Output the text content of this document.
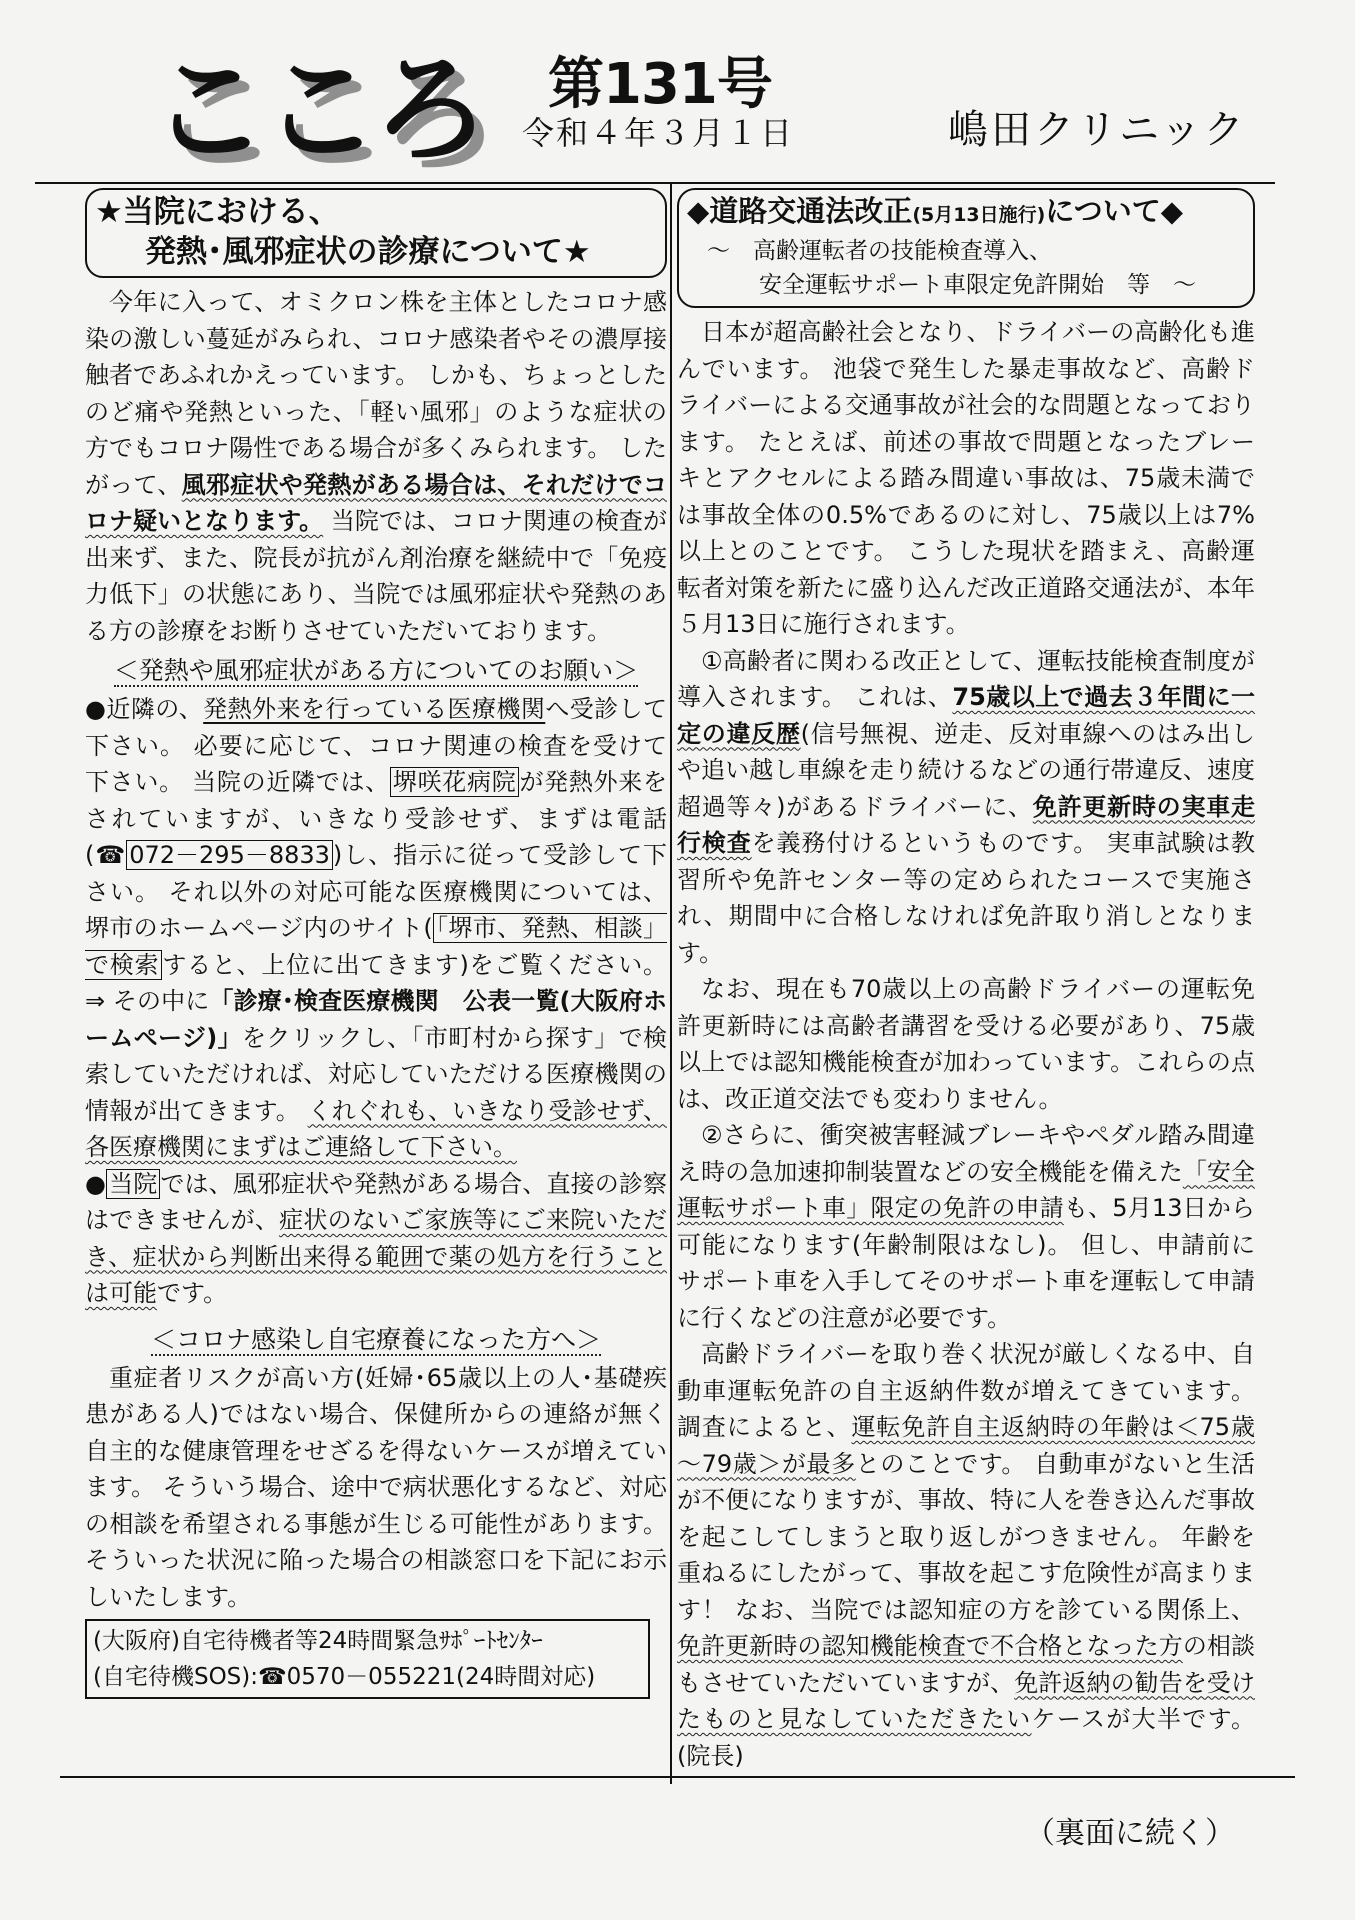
こ
こ
ろ 第131号
令和４年３月１日	嶋田クリニック
★当院における、
発熱･風邪症状の診療について★

今年に入って、オミクロン株を主体としたコロナ感染の激しい蔓延がみられ、コロナ感染者やその濃厚接触者であふれかえっています。 しかも、ちょっとしたのど痛や発熱といった、「軽い風邪」のような症状の方でもコロナ陽性である場合が多くみられます。 したがって、風邪症状や発熱がある場合は、それだけでコロナ疑いとなります。 当院では、コロナ関連の検査が出来ず、また、院長が抗がん剤治療を継続中で「免疫力低下」の状態にあり、当院では風邪症状や発熱のある方の診療をお断りさせていただいております。

＜発熱や風邪症状がある方についてのお願い＞

●近隣の、発熱外来を行っている医療機関へ受診して下さい。 必要に応じて、コロナ関連の検査を受けて下さい。 当院の近隣では、 堺咲花病院 が発熱外来をされていますが、いきなり受診せず、まずは電話(☎ 072－295－8833 )し、指示に従って受診して下さい。 それ以外の対応可能な医療機関については、堺市のホームページ内のサイト( 「堺市、発熱、相談」で検索 すると、上位に出てきます)をご覧ください。 ⇒ その中に「診療･検査医療機関　公表一覧(大阪府ホームページ)」をクリックし、「市町村から探す」で検索していただければ、対応していただける医療機関の情報が出てきます。 くれぐれも、いきなり受診せず、各医療機関にまずはご連絡して下さい。

● 当院 では、風邪症状や発熱がある場合、直接の診察はできませんが、症状のないご家族等にご来院いただき、症状から判断出来得る範囲で薬の処方を行うことは可能です。

＜コロナ感染し自宅療養になった方へ＞

重症者リスクが高い方(妊婦･65歳以上の人･基礎疾患がある人)ではない場合、保健所からの連絡が無く自主的な健康管理をせざるを得ないケースが増えています。 そういう場合、途中で病状悪化するなど、対応の相談を希望される事態が生じる可能性があります。 そういった状況に陥った場合の相談窓口を下記にお示しいたします。

(大阪府)自宅待機者等24時間緊急ｻﾎﾟｰﾄｾﾝﾀｰ
(自宅待機SOS):☎0570－055221(24時間対応)
◆道路交通法改正(5月13日施行)について◆
～　高齢運転者の技能検査導入、
安全運転サポート車限定免許開始　等　～

日本が超高齢社会となり、ドライバーの高齢化も進んでいます。 池袋で発生した暴走事故など、高齢ドライバーによる交通事故が社会的な問題となっております。 たとえば、前述の事故で問題となったブレーキとアクセルによる踏み間違い事故は、75歳未満では事故全体の0.5%であるのに対し、75歳以上は7%以上とのことです。 こうした現状を踏まえ、高齢運転者対策を新たに盛り込んだ改正道路交通法が、本年５月13日に施行されます。

①高齢者に関わる改正として、運転技能検査制度が導入されます。 これは、75歳以上で過去３年間に一定の違反歴(信号無視、逆走、反対車線へのはみ出しや追い越し車線を走り続けるなどの通行帯違反、速度超過等々)があるドライバーに、免許更新時の実車走行検査を義務付けるというものです。 実車試験は教習所や免許センター等の定められたコースで実施され、期間中に合格しなければ免許取り消しとなります。

なお、現在も70歳以上の高齢ドライバーの運転免許更新時には高齢者講習を受ける必要があり、75歳以上では認知機能検査が加わっています。これらの点は、改正道交法でも変わりません。

②さらに、衝突被害軽減ブレーキやペダル踏み間違え時の急加速抑制装置などの安全機能を備えた「安全運転サポート車」限定の免許の申請も、5月13日から可能になります(年齢制限はなし)。 但し、申請前にサポート車を入手してそのサポート車を運転して申請に行くなどの注意が必要です。

高齢ドライバーを取り巻く状況が厳しくなる中、自動車運転免許の自主返納件数が増えてきています。 調査によると、運転免許自主返納時の年齢は＜75歳～79歳＞が最多とのことです。 自動車がないと生活が不便になりますが、事故、特に人を巻き込んだ事故を起こしてしまうと取り返しがつきません。 年齢を重ねるにしたがって、事故を起こす危険性が高まります！ なお、当院では認知症の方を診ている関係上、免許更新時の認知機能検査で不合格となった方の相談もさせていただいていますが、免許返納の勧告を受けたものと見なしていただきたいケースが大半です。(院長)

（裏面に続く）
